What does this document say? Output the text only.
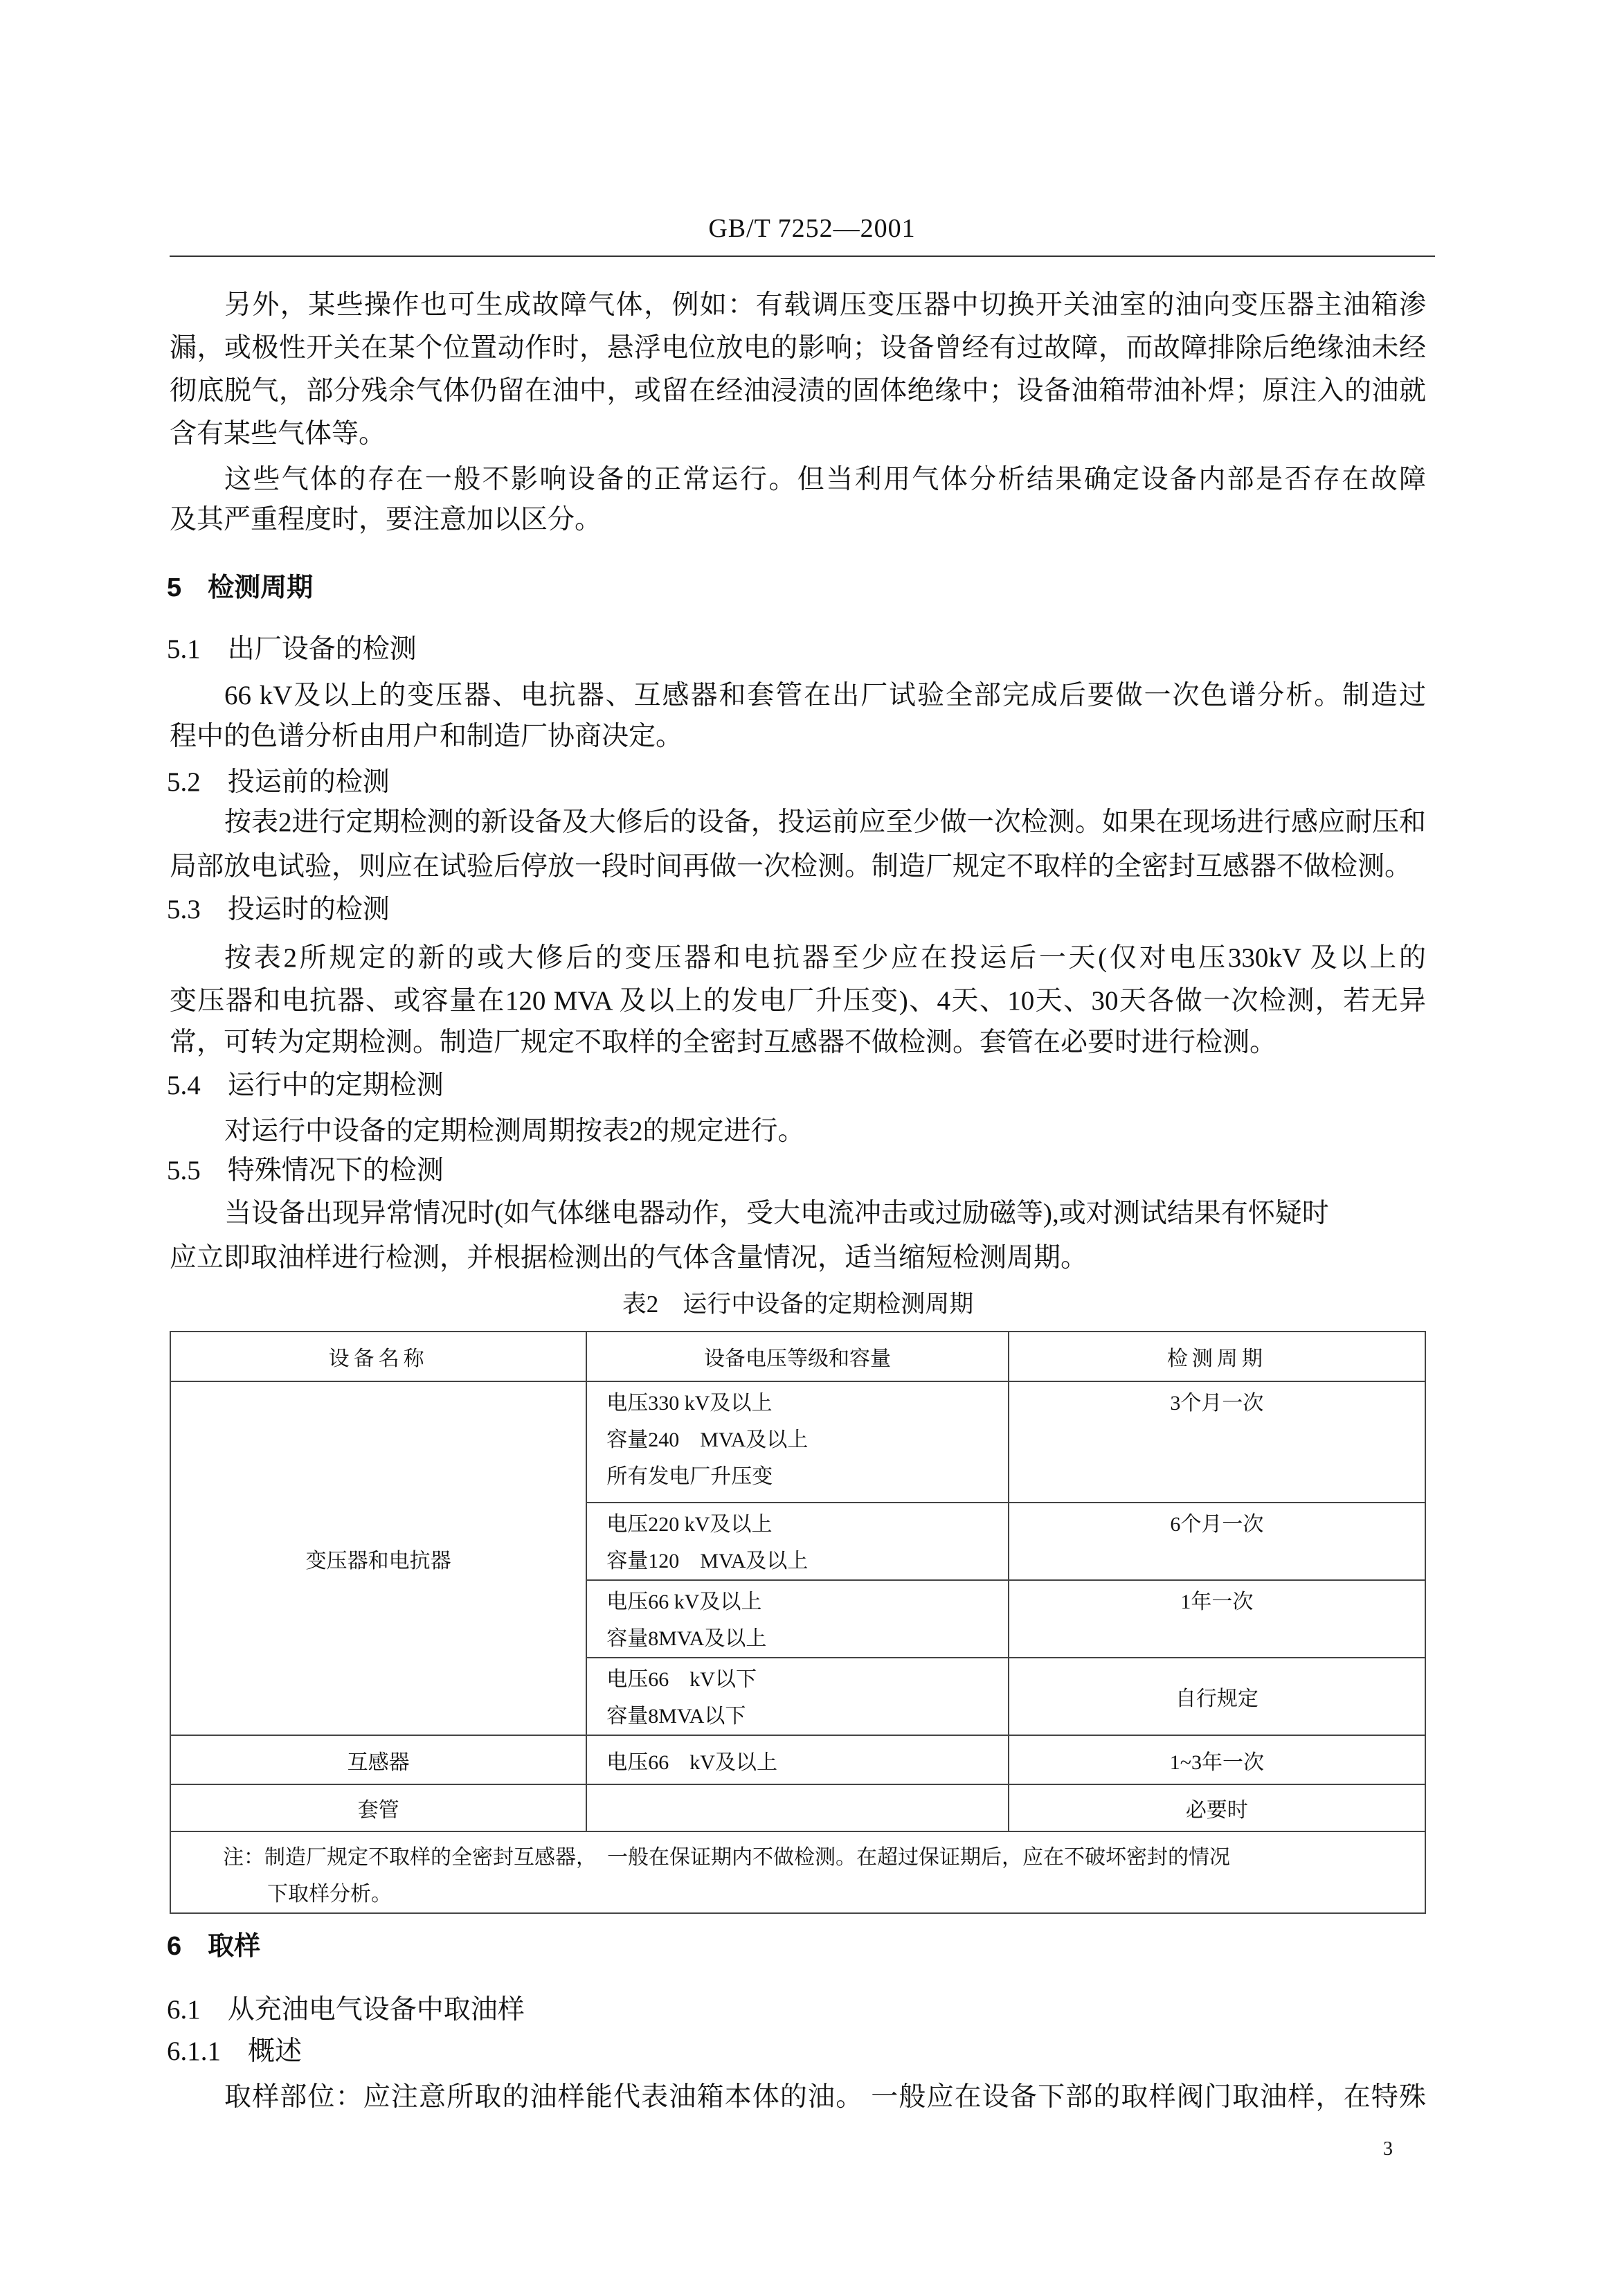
GB/T 7252—2001
另外，某些操作也可生成故障气体，例如：有载调压变压器中切换开关油室的油向变压器主油箱渗
漏，或极性开关在某个位置动作时，悬浮电位放电的影响；设备曾经有过故障，而故障排除后绝缘油未经
彻底脱气，部分残余气体仍留在油中，或留在经油浸渍的固体绝缘中；设备油箱带油补焊；原注入的油就
含有某些气体等。
这些气体的存在一般不影响设备的正常运行。但当利用气体分析结果确定设备内部是否存在故障
及其严重程度时，要注意加以区分。
5　检测周期
5.1　出厂设备的检测
66 kV及以上的变压器、电抗器、互感器和套管在出厂试验全部完成后要做一次色谱分析。制造过
程中的色谱分析由用户和制造厂协商决定。
5.2　投运前的检测
按表2进行定期检测的新设备及大修后的设备，投运前应至少做一次检测。如果在现场进行感应耐压和
局部放电试验，则应在试验后停放一段时间再做一次检测。制造厂规定不取样的全密封互感器不做检测。
5.3　投运时的检测
按表2所规定的新的或大修后的变压器和电抗器至少应在投运后一天(仅对电压330kV 及以上的
变压器和电抗器、或容量在120 MVA 及以上的发电厂升压变)、4天、10天、30天各做一次检测，若无异
常，可转为定期检测。制造厂规定不取样的全密封互感器不做检测。套管在必要时进行检测。
5.4　运行中的定期检测
对运行中设备的定期检测周期按表2的规定进行。
5.5　特殊情况下的检测
当设备出现异常情况时(如气体继电器动作，受大电流冲击或过励磁等),或对测试结果有怀疑时
应立即取油样进行检测，并根据检测出的气体含量情况，适当缩短检测周期。
表2　运行中设备的定期检测周期
设备名称	设备电压等级和容量	检测周期
变压器和电抗器	电压330 kV及以上
容量240　MVA及以上
所有发电厂升压变	3个月一次

	电压220 kV及以上
容量120　MVA及以上	6个月一次

	电压66 kV及以上
容量8MVA及以上	1年一次

	电压66　kV以下
容量8MVA以下	自行规定
互感器	电压66　kV及以上	1~3年一次
套管		必要时

注：制造厂规定不取样的全密封互感器，　一般在保证期内不做检测。在超过保证期后，应在不破坏密封的情况
下取样分析。		
6　取样
6.1　从充油电气设备中取油样
6.1.1　概述
取样部位：应注意所取的油样能代表油箱本体的油。 一般应在设备下部的取样阀门取油样，在特殊
3
